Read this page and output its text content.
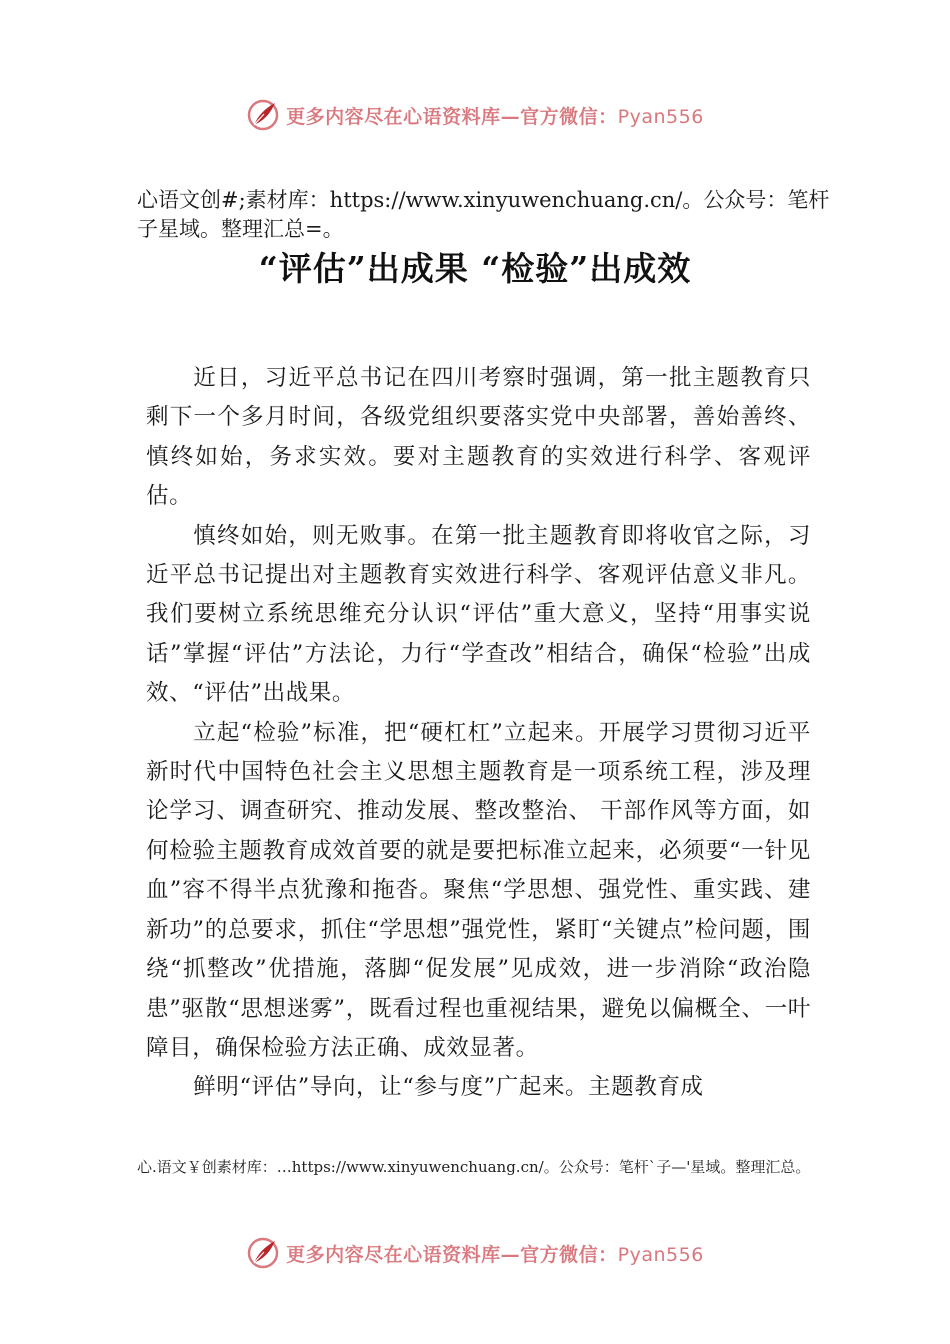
更多内容尽在心语资料库—官方微信：Pyan556
心语文创#;素材库：https://www.xinyuwenchuang.cn/。公众号：笔杆子星域。整理汇总=。
“评估”出成果 “检验”出成效

近日，习近平总书记在四川考察时强调，第一批主题教育只剩下一个多月时间，各级党组织要落实党中央部署，善始善终、慎终如始，务求实效。要对主题教育的实效进行科学、客观评估。

慎终如始，则无败事。在第一批主题教育即将收官之际，习近平总书记提出对主题教育实效进行科学、客观评估意义非凡。我们要树立系统思维充分认识“评估”重大意义，坚持“用事实说话”掌握“评估”方法论，力行“学查改”相结合，确保“检验”出成效、“评估”出战果。

立起“检验”标准，把“硬杠杠”立起来。开展学习贯彻习近平新时代中国特色社会主义思想主题教育是一项系统工程，涉及理论学习、调查研究、推动发展、整改整治、 干部作风等方面，如何检验主题教育成效首要的就是要把标准立起来，必须要“一针见血”容不得半点犹豫和拖沓。聚焦“学思想、强党性、重实践、建新功”的总要求，抓住“学思想”强党性，紧盯“关键点”检问题，围绕“抓整改”优措施，落脚“促发展”见成效，进一步消除“政治隐患”驱散“思想迷雾”，既看过程也重视结果，避免以偏概全、一叶障目，确保检验方法正确、成效显著。

鲜明“评估”导向，让“参与度”广起来。主题教育成

心.语文￥创素材库：…https://www.xinyuwenchuang.cn/。公众号：笔杆`子—'星域。整理汇总。
更多内容尽在心语资料库—官方微信：Pyan556
